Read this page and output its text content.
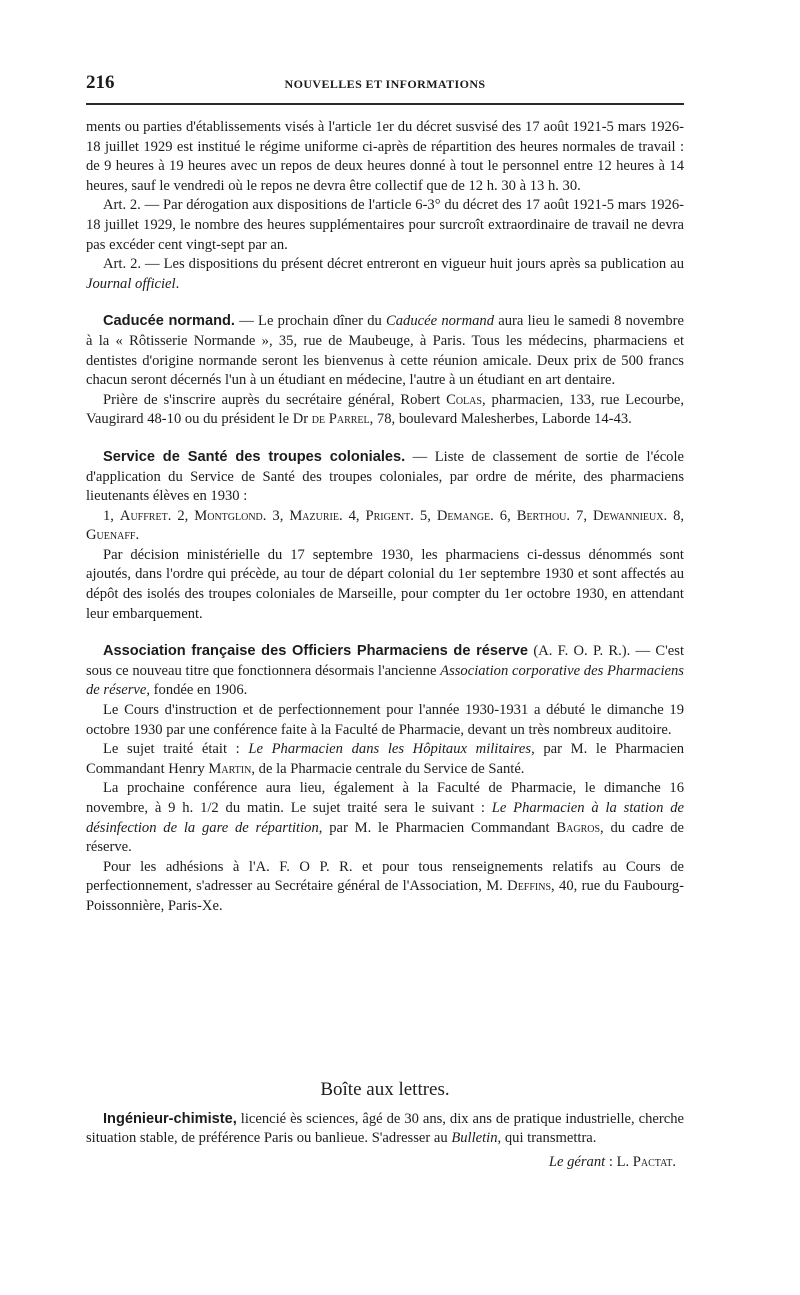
216	NOUVELLES ET INFORMATIONS

ments ou parties d'établissements visés à l'article 1er du décret susvisé des 17 août 1921-5 mars 1926-18 juillet 1929 est institué le régime uniforme ci-après de répartition des heures normales de travail : de 9 heures à 19 heures avec un repos de deux heures donné à tout le personnel entre 12 heures à 14 heures, sauf le vendredi où le repos ne devra être collectif que de 12 h. 30 à 13 h. 30.

Art. 2. — Par dérogation aux dispositions de l'article 6-3° du décret des 17 août 1921-5 mars 1926-18 juillet 1929, le nombre des heures supplémentaires pour surcroît extraordinaire de travail ne devra pas excéder cent vingt-sept par an.

Art. 2. — Les dispositions du présent décret entreront en vigueur huit jours après sa publication au Journal officiel.

Caducée normand. — Le prochain dîner du Caducée normand aura lieu le samedi 8 novembre à la « Rôtisserie Normande », 35, rue de Maubeuge, à Paris. Tous les médecins, pharmaciens et dentistes d'origine normande seront les bienvenus à cette réunion amicale. Deux prix de 500 francs chacun seront décernés l'un à un étudiant en médecine, l'autre à un étudiant en art dentaire.

Prière de s'inscrire auprès du secrétaire général, Robert Colas, pharmacien, 133, rue Lecourbe, Vaugirard 48-10 ou du président le Dr de Parrel, 78, boulevard Malesherbes, Laborde 14-43.

Service de Santé des troupes coloniales. — Liste de classement de sortie de l'école d'application du Service de Santé des troupes coloniales, par ordre de mérite, des pharmaciens lieutenants élèves en 1930 :

1, Auffret. 2, Montglond. 3, Mazurie. 4, Prigent. 5, Demange. 6, Berthou. 7, Dewannieux. 8, Guenaff.

Par décision ministérielle du 17 septembre 1930, les pharmaciens ci-dessus dénommés sont ajoutés, dans l'ordre qui précède, au tour de départ colonial du 1er septembre 1930 et sont affectés au dépôt des isolés des troupes coloniales de Marseille, pour compter du 1er octobre 1930, en attendant leur embarquement.

Association française des Officiers Pharmaciens de réserve (A. F. O. P. R.). — C'est sous ce nouveau titre que fonctionnera désormais l'ancienne Association corporative des Pharmaciens de réserve, fondée en 1906.

Le Cours d'instruction et de perfectionnement pour l'année 1930-1931 a débuté le dimanche 19 octobre 1930 par une conférence faite à la Faculté de Pharmacie, devant un très nombreux auditoire.

Le sujet traité était : Le Pharmacien dans les Hôpitaux militaires, par M. le Pharmacien Commandant Henry Martin, de la Pharmacie centrale du Service de Santé.

La prochaine conférence aura lieu, également à la Faculté de Pharmacie, le dimanche 16 novembre, à 9 h. 1/2 du matin. Le sujet traité sera le suivant : Le Pharmacien à la station de désinfection de la gare de répartition, par M. le Pharmacien Commandant Bagros, du cadre de réserve.

Pour les adhésions à l'A. F. O P. R. et pour tous renseignements relatifs au Cours de perfectionnement, s'adresser au Secrétaire général de l'Association, M. Deffins, 40, rue du Faubourg-Poissonnière, Paris-Xe.

Boîte aux lettres.

Ingénieur-chimiste, licencié ès sciences, âgé de 30 ans, dix ans de pratique industrielle, cherche situation stable, de préférence Paris ou banlieue. S'adresser au Bulletin, qui transmettra.

Le gérant : L. Pactat.
